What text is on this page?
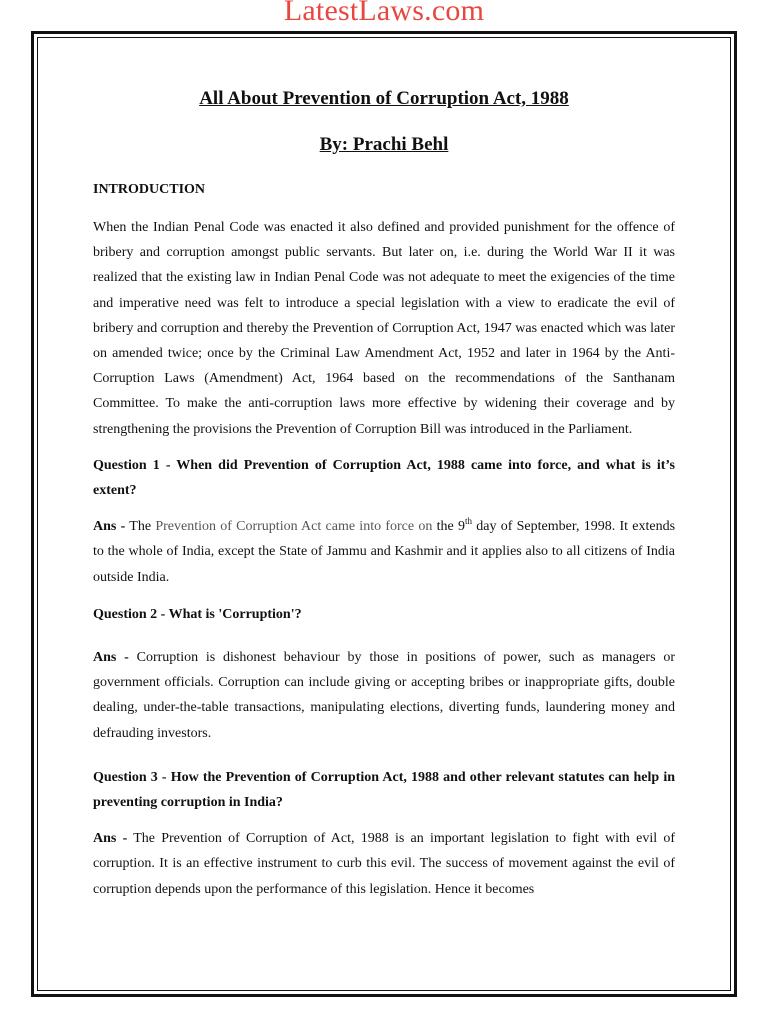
LatestLaws.com
All About Prevention of Corruption Act, 1988
By: Prachi Behl
INTRODUCTION

When the Indian Penal Code was enacted it also defined and provided punishment for the offence of bribery and corruption amongst public servants. But later on, i.e. during the World War II it was realized that the existing law in Indian Penal Code was not adequate to meet the exigencies of the time and imperative need was felt to introduce a special legislation with a view to eradicate the evil of bribery and corruption and thereby the Prevention of Corruption Act, 1947 was enacted which was later on amended twice; once by the Criminal Law Amendment Act, 1952 and later in 1964 by the Anti-Corruption Laws (Amendment) Act, 1964 based on the recommendations of the Santhanam Committee. To make the anti-corruption laws more effective by widening their coverage and by strengthening the provisions the Prevention of Corruption Bill was introduced in the Parliament.

Question 1 - When did Prevention of Corruption Act, 1988 came into force, and what is it’s extent?

Ans - The Prevention of Corruption Act came into force on the 9th day of September, 1998. It extends to the whole of India, except the State of Jammu and Kashmir and it applies also to all citizens of India outside India.

Question 2 - What is 'Corruption'?

Ans - Corruption is dishonest behaviour by those in positions of power, such as managers or government officials. Corruption can include giving or accepting bribes or inappropriate gifts, double dealing, under-the-table transactions, manipulating elections, diverting funds, laundering money and defrauding investors.

Question 3 - How the Prevention of Corruption Act, 1988 and other relevant statutes can help in preventing corruption in India?

Ans - The Prevention of Corruption of Act, 1988 is an important legislation to fight with evil of corruption. It is an effective instrument to curb this evil. The success of movement against the evil of corruption depends upon the performance of this legislation. Hence it becomes
